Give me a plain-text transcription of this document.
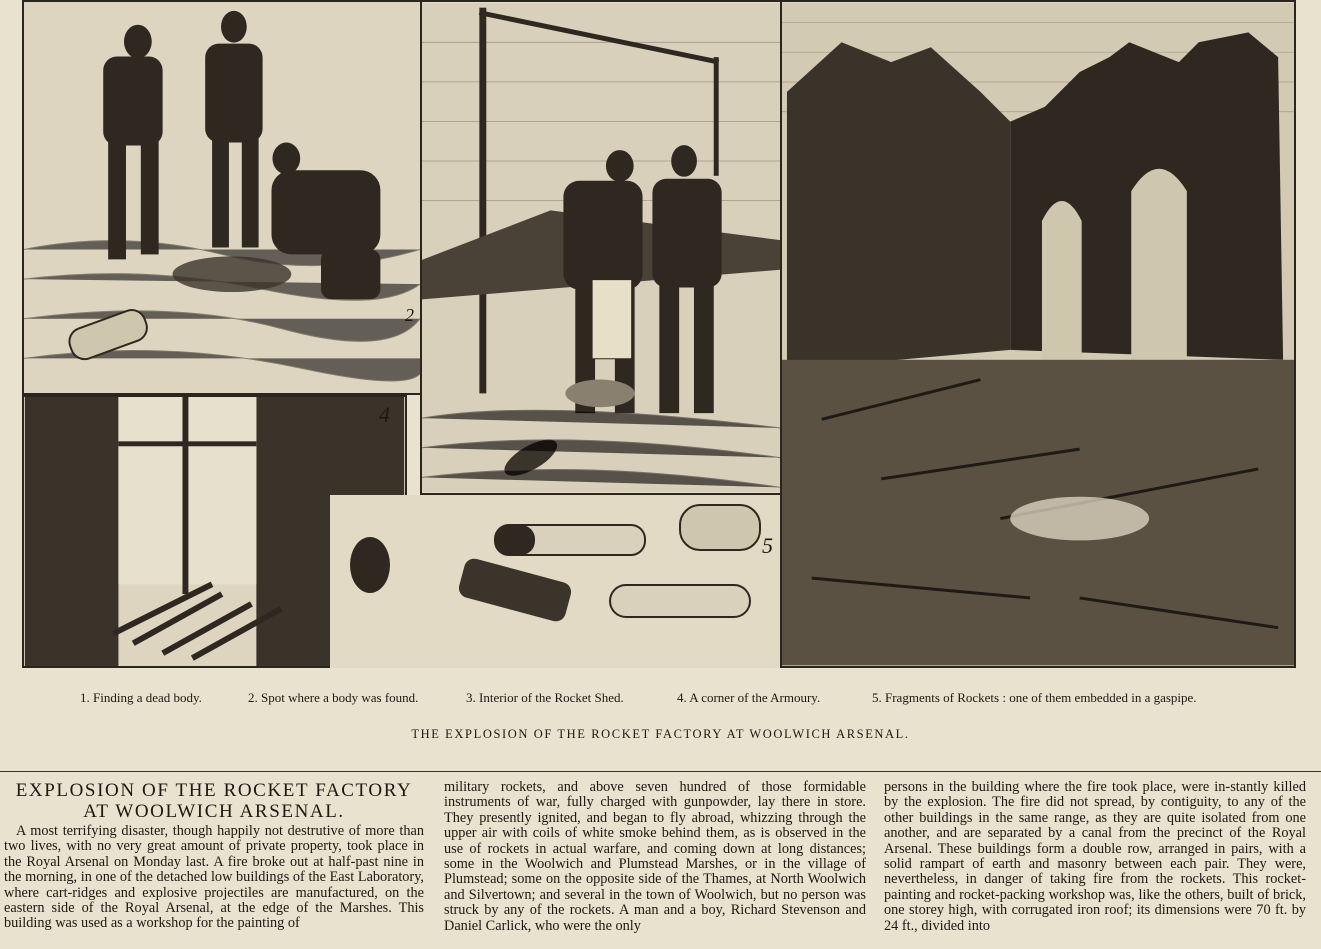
4
5
2
1. Finding a dead body.	2. Spot where a body was found.	3. Interior of the Rocket Shed.	4. A corner of the Armoury.	5. Fragments of Rockets : one of them embedded in a gaspipe.
THE EXPLOSION OF THE ROCKET FACTORY AT WOOLWICH ARSENAL.
EXPLOSION OF THE ROCKET FACTORY
AT WOOLWICH ARSENAL.

A most terrifying disaster, though happily not destrutive of more than two lives, with no very great amount of private property, took place in the Royal Arsenal on Monday last. A fire broke out at half-past nine in the morning, in one of the detached low buildings of the East Laboratory, where cart-ridges and explosive projectiles are manufactured, on the eastern side of the Royal Arsenal, at the edge of the Marshes. This building was used as a workshop for the painting of

military rockets, and above seven hundred of those formidable instruments of war, fully charged with gunpowder, lay there in store. They presently ignited, and began to fly abroad, whizzing through the upper air with coils of white smoke behind them, as is observed in the use of rockets in actual warfare, and coming down at long distances; some in the Woolwich and Plumstead Marshes, or in the village of Plumstead; some on the opposite side of the Thames, at North Woolwich and Silvertown; and several in the town of Woolwich, but no person was struck by any of the rockets. A man and a boy, Richard Stevenson and Daniel Carlick, who were the only

persons in the building where the fire took place, were in-stantly killed by the explosion. The fire did not spread, by contiguity, to any of the other buildings in the same range, as they are quite isolated from one another, and are separated by a canal from the precinct of the Royal Arsenal. These buildings form a double row, arranged in pairs, with a solid rampart of earth and masonry between each pair. They were, nevertheless, in danger of taking fire from the rockets. This rocket-painting and rocket-packing workshop was, like the others, built of brick, one storey high, with corrugated iron roof; its dimensions were 70 ft. by 24 ft., divided into
